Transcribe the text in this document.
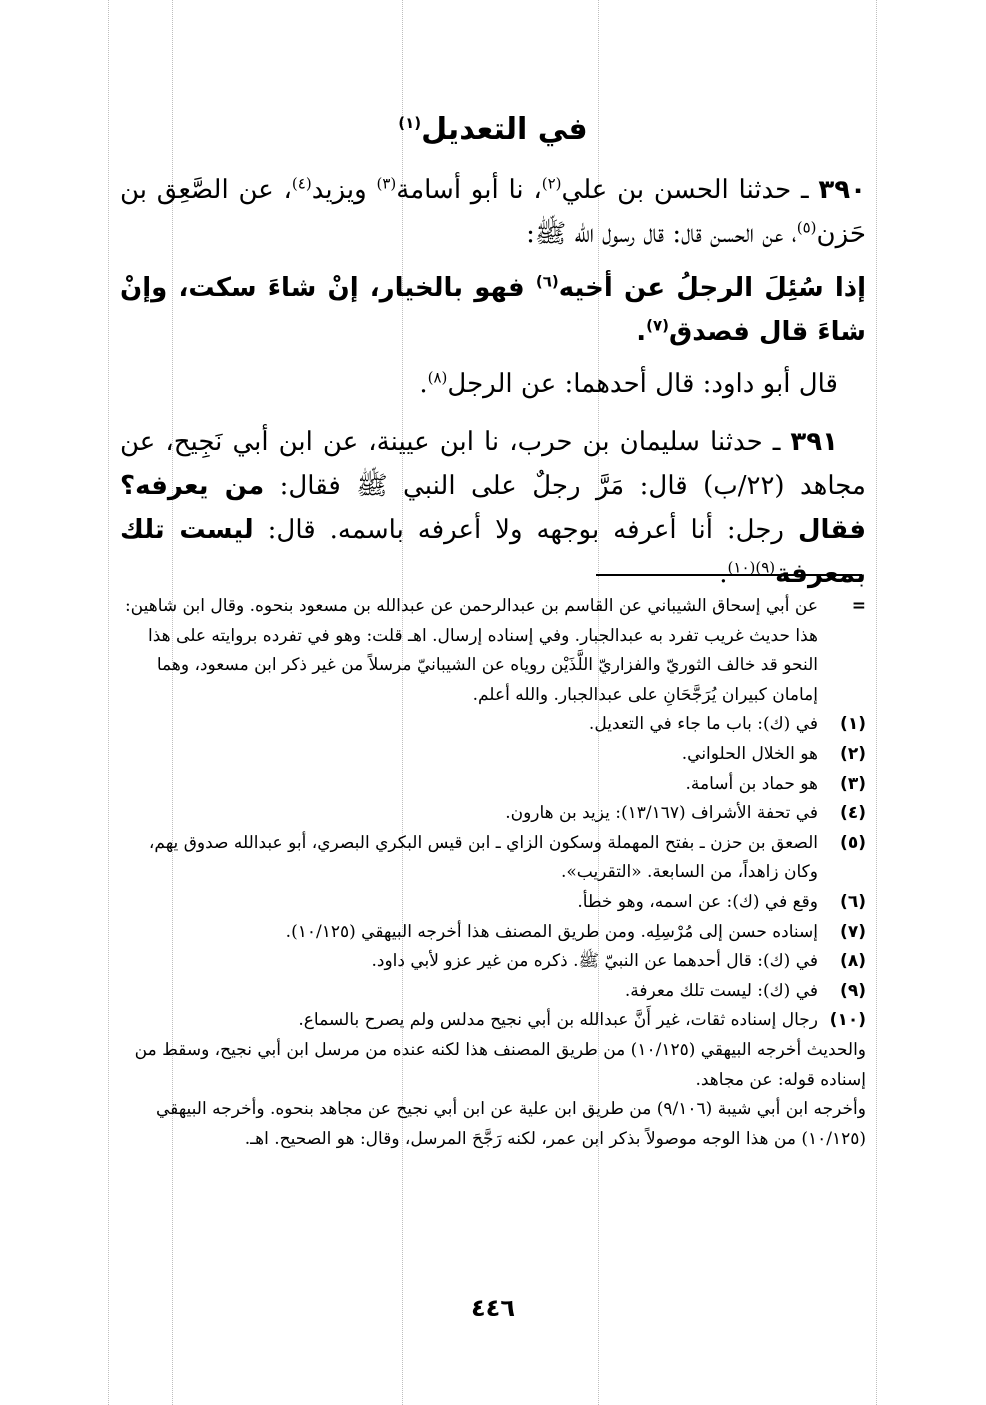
في التعديل$^{(١)}$

٣٩٠ ـ حدثنا الحسن بن علي$^{(٢)}$، نا أبو أسامة$^{(٣)}$ ويزيد$^{(٤)}$، عن الصَّعِق بن حَزن$^{(٥)}$، عن الحسن قال: قال رسول الله ﷺ:

إذا سُئِلَ الرجلُ عن أخيه$^{(٦)}$ فهو بالخيار، إنْ شاءَ سكت، وإنْ شاءَ قال فصدق$^{(٧)}$.

قال أبو داود: قال أحدهما: عن الرجل$^{(٨)}$.

٣٩١ ـ حدثنا سليمان بن حرب، نا ابن عيينة، عن ابن أبي نَجِيح، عن مجاهد (٢٢/ب) قال: مَرَّ رجلٌ على النبي ﷺ فقال: من يعرفه؟ فقال رجل: أنا أعرفه بوجهه ولا أعرفه باسمه. قال: ليست تلك بمعرفة$^{(٩)(١٠)}$.

=

عن أبي إسحاق الشيباني عن القاسم بن عبدالرحمن عن عبدالله بن مسعود بنحوه. وقال ابن شاهين: هذا حديث غريب تفرد به عبدالجبار. وفي إسناده إرسال. اهـ قلت: وهو في تفرده بروايته على هذا النحو قد خالف الثوريّ والفزاريّ اللَّذَيْن روياه عن الشيبانيّ مرسلاً من غير ذكر ابن مسعود، وهما إمامان كبيران يُرَجَّحَانِ على عبدالجبار. والله أعلم.

(١)

في (ك): باب ما جاء في التعديل.

(٢)

هو الخلال الحلواني.

(٣)

هو حماد بن أسامة.

(٤)

في تحفة الأشراف (١٣/١٦٧): يزيد بن هارون.

(٥)

الصعق بن حزن ـ بفتح المهملة وسكون الزاي ـ ابن قيس البكري البصري، أبو عبدالله صدوق يهم، وكان زاهداً، من السابعة. «التقريب».

(٦)

وقع في (ك): عن اسمه، وهو خطأ.

(٧)

إسناده حسن إلى مُرْسِلِه. ومن طريق المصنف هذا أخرجه البيهقي (١٠/١٢٥).

(٨)

في (ك): قال أحدهما عن النبيّ ﷺ. ذكره من غير عزو لأبي داود.

(٩)

في (ك): ليست تلك معرفة.

(١٠)

رجال إسناده ثقات، غير أَنَّ عبدالله بن أبي نجيح مدلس ولم يصرح بالسماع.

والحديث أخرجه البيهقي (١٠/١٢٥) من طريق المصنف هذا لكنه عنده من مرسل ابن أبي نجيح، وسقط من إسناده قوله: عن مجاهد.

وأخرجه ابن أبي شيبة (٩/١٠٦) من طريق ابن علية عن ابن أبي نجيح عن مجاهد بنحوه. وأخرجه البيهقي (١٠/١٢٥) من هذا الوجه موصولاً بذكر ابن عمر، لكنه رَجَّحَ المرسل، وقال: هو الصحيح. اهـ.

٤٤٦
